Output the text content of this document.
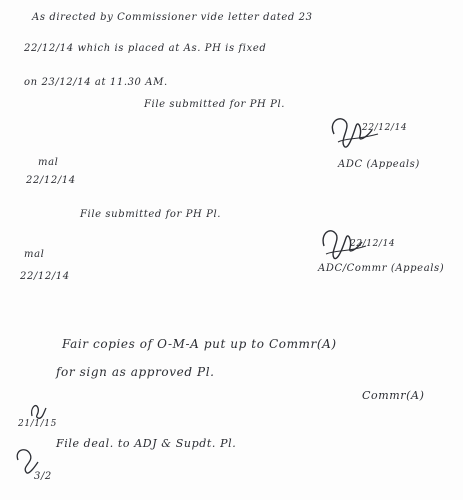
As directed by Commissioner vide letter dated 23
22/12/14 which is placed at As. PH is fixed
on 23/12/14 at 11.30 AM.
File submitted for PH Pl.
22/12/14
ADC (Appeals)
mal
22/12/14
File submitted for PH Pl.
22/12/14
ADC/Commr (Appeals)
mal
22/12/14
Fair copies of O-M-A put up to Commr(A)
for sign as approved Pl.
Commr(A)
21/1/15
File deal. to ADJ & Supdt. Pl.
3/2
